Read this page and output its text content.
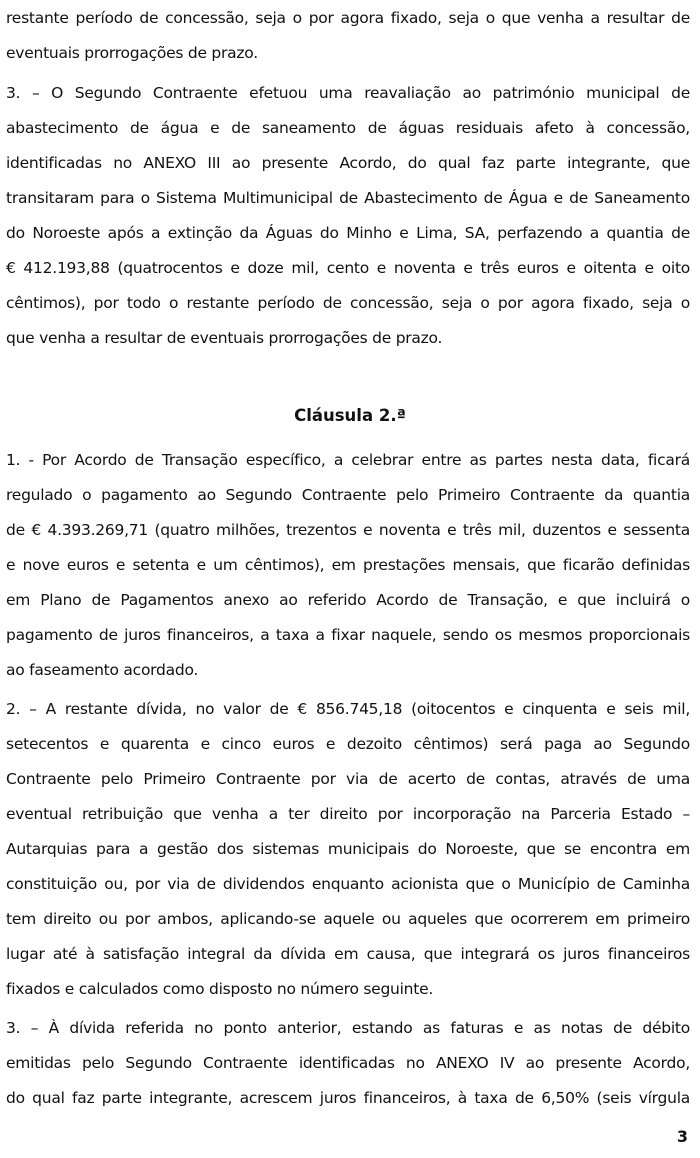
restante período de concessão, seja o por agora fixado, seja o que venha a resultar de
eventuais prorrogações de prazo.
3. – O Segundo Contraente efetuou uma reavaliação ao património municipal de
abastecimento de água e de saneamento de águas residuais afeto à concessão,
identificadas no ANEXO III ao presente Acordo, do qual faz parte integrante, que
transitaram para o Sistema Multimunicipal de Abastecimento de Água e de Saneamento
do Noroeste após a extinção da Águas do Minho e Lima, SA, perfazendo a quantia de
€ 412.193,88 (quatrocentos e doze mil, cento e noventa e três euros e oitenta e oito
cêntimos), por todo o restante período de concessão, seja o por agora fixado, seja o
que venha a resultar de eventuais prorrogações de prazo.
Cláusula 2.ª
1. - Por Acordo de Transação específico, a celebrar entre as partes nesta data, ficará
regulado o pagamento ao Segundo Contraente pelo Primeiro Contraente da quantia
de € 4.393.269,71 (quatro milhões, trezentos e noventa e três mil, duzentos e sessenta
e nove euros e setenta e um cêntimos), em prestações mensais, que ficarão definidas
em Plano de Pagamentos anexo ao referido Acordo de Transação, e que incluirá o
pagamento de juros financeiros, a taxa a fixar naquele, sendo os mesmos proporcionais
ao faseamento acordado.
2. – A restante dívida, no valor de € 856.745,18 (oitocentos e cinquenta e seis mil,
setecentos e quarenta e cinco euros e dezoito cêntimos) será paga ao Segundo
Contraente pelo Primeiro Contraente por via de acerto de contas, através de uma
eventual retribuição que venha a ter direito por incorporação na Parceria Estado –
Autarquias para a gestão dos sistemas municipais do Noroeste, que se encontra em
constituição ou, por via de dividendos enquanto acionista que o Município de Caminha
tem direito ou por ambos, aplicando-se aquele ou aqueles que ocorrerem em primeiro
lugar até à satisfação integral da dívida em causa, que integrará os juros financeiros
fixados e calculados como disposto no número seguinte.
3. – À dívida referida no ponto anterior, estando as faturas e as notas de débito
emitidas pelo Segundo Contraente identificadas no ANEXO IV ao presente Acordo,
do qual faz parte integrante, acrescem juros financeiros, à taxa de 6,50% (seis vírgula
3
